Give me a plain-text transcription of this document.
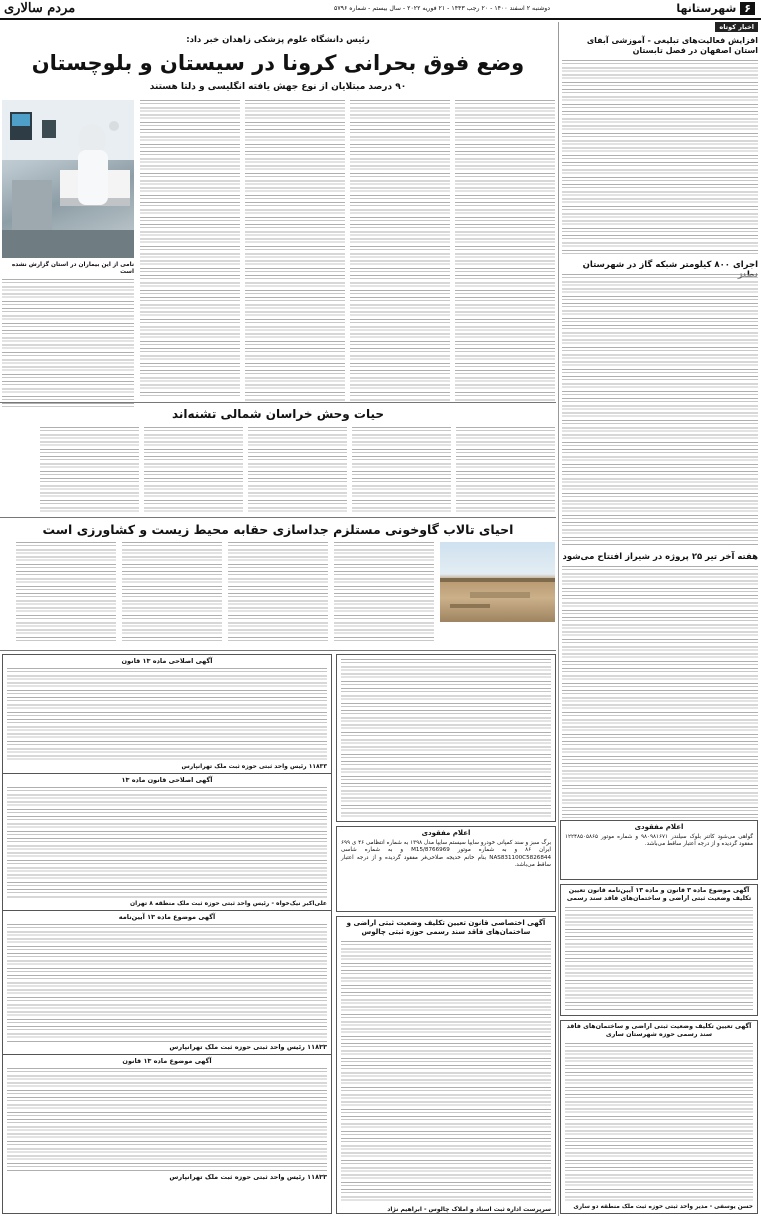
مردم سالاری	دوشنبه ۲ اسفند ۱۴۰۰ - ۲۰ رجب ۱۴۴۳ - ۲۱ فوریه ۲۰۲۲ - سال بیستم - شماره ۵۷۹۶	۶
شهرستانها
اخبار کوتاه
افزایش فعالیت‌های تبلیغی - آموزشی آبفای استان اصفهان در فصل تابستان
اجرای ۸۰۰ کیلومتر شبکه گاز در شهرستان
هفته آخر تیر ۲۵ پروژه در شیراز افتتاح می‌شود
رئیس دانشگاه علوم پزشکی زاهدان خبر داد:
وضع فوق بحرانی کرونا در سیستان و بلوچستان
۹۰ درصد مبتلایان از نوع جهش یافته انگلیسی و دلتا هستند
نامی از این بیماران در استان گزارش نشده است
حیات وحش خراسان شمالی تشنه‌اند
احیای تالاب گاوخونی مستلزم جداسازی حقابه محیط زیست و کشاورزی است
آگهی اصلاحی ماده ۱۳ قانون
۱۱۸۳۳ رئیس واحد ثبتی حوزه ثبت ملک تهرانپارس
آگهی اصلاحی قانون ماده ۱۳
علی‌اکبر نیک‌خواه - رئیس واحد ثبتی حوزه ثبت ملک منطقه ۸ تهران
آگهی موضوع ماده ۱۳ آیین‌نامه
۱۱۸۳۳ رئیس واحد ثبتی حوزه ثبت ملک تهرانپارس
آگهی موضوع ماده ۱۳ قانون
۱۱۸۳۳ رئیس واحد ثبتی حوزه ثبت ملک تهرانپارس
اعلام مفقودی
برگ سبز و سند کمپانی خودرو سایپا سیستم سایپا مدل ۱۳۹۸ به شماره انتظامی ۴۶ ی ۶۹۹ ایران ۸۶ و به شماره موتور M15/8766969 و به شماره شاسی NAS831100C5826844 بنام خانم خدیجه صلاحی‌فر مفقود گردیده و از درجه اعتبار ساقط می‌باشد.
آگهی اختصاصی قانون تعیین تکلیف وضعیت ثبتی اراضی و ساختمان‌های فاقد سند رسمی حوزه ثبتی چالوس
سرپرست اداره ثبت اسناد و املاک چالوس - ابراهیم نژاد
اعلام مفقودی
گواهی می‌شود کاتنر بلوک سیلندر ۹۸۰۹۸۱۶۷۱ و شماره موتور ۱۲۲۴۸۵۰۵۸۶۵ مفقود گردیده و از درجه اعتبار ساقط می‌باشد.
آگهی موضوع ماده ۳ قانون و ماده ۱۳ آیین‌نامه قانون تعیین تکلیف وضعیت ثبتی اراضی و ساختمان‌های فاقد سند رسمی
آگهی تعیین تکلیف وضعیت ثبتی اراضی و ساختمان‌های فاقد سند رسمی حوزه شهرستان ساری
حسن یوسفی - مدیر واحد ثبتی حوزه ثبت ملک منطقه دو ساری
